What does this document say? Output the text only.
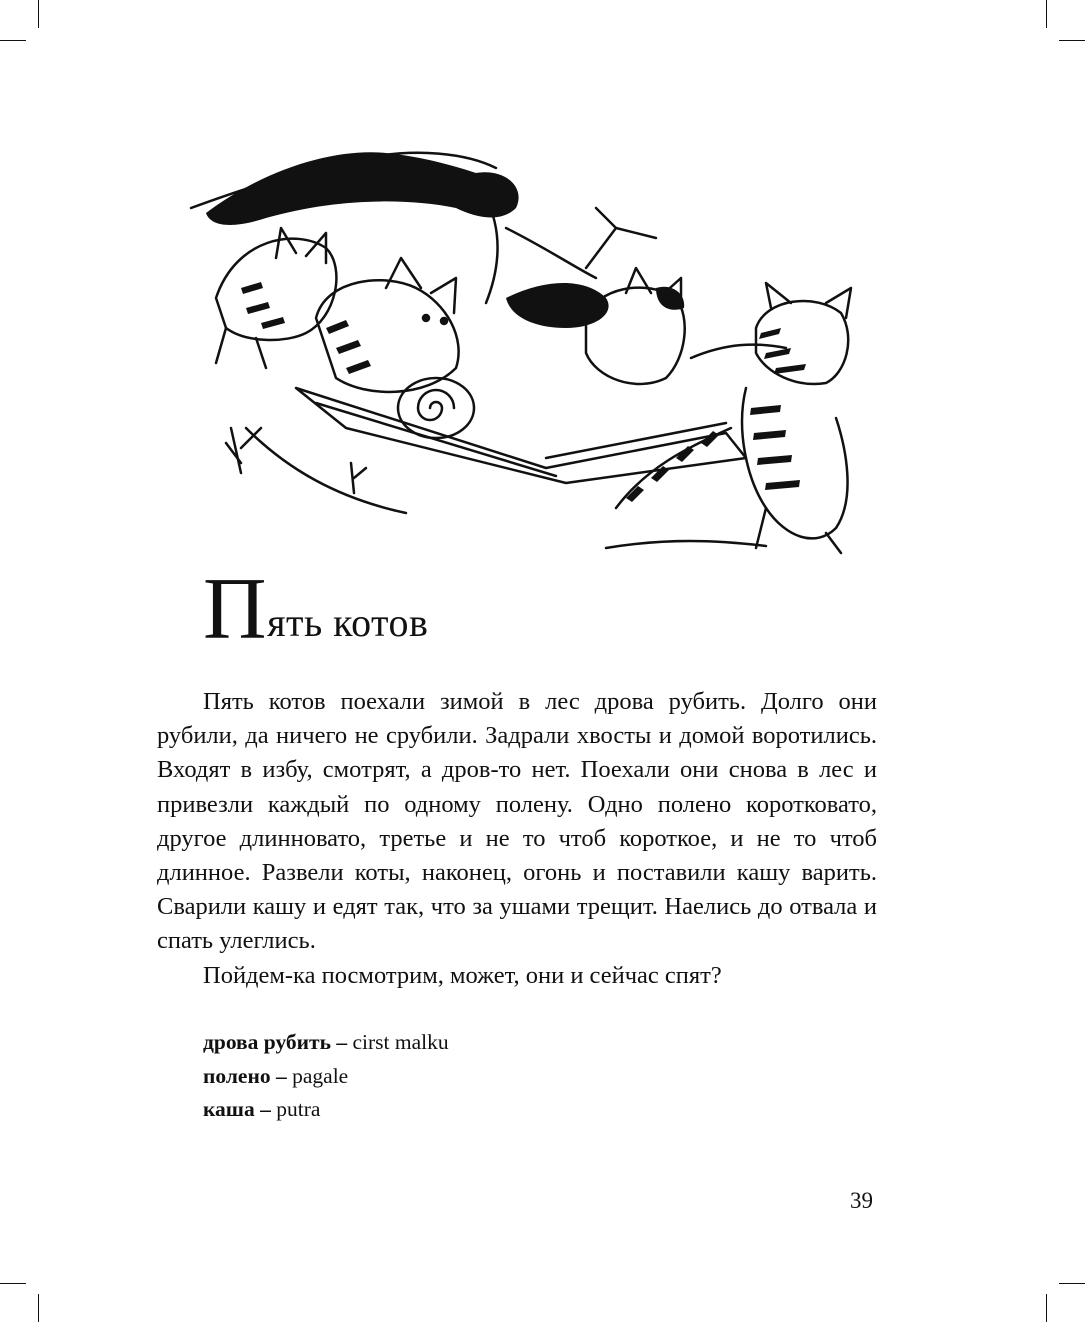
Пять котов

Пять котов поехали зимой в лес дрова рубить. Долго они рубили, да ничего не срубили. Задрали хвосты и домой воротились. Входят в избу, смотрят, а дров-то нет. Поехали они снова в лес и привезли каждый по одному полену. Одно полено коротковато, другое длинновато, третье и не то чтоб короткое, и не то чтоб длинное. Развели коты, наконец, огонь и поставили кашу варить. Сварили кашу и едят так, что за ушами трещит. Наелись до отвала и спать улеглись.

Пойдем-ка посмотрим, может, они и сейчас спят?

дрова рубить – cirst malku
полено – pagale
каша – putra
39
